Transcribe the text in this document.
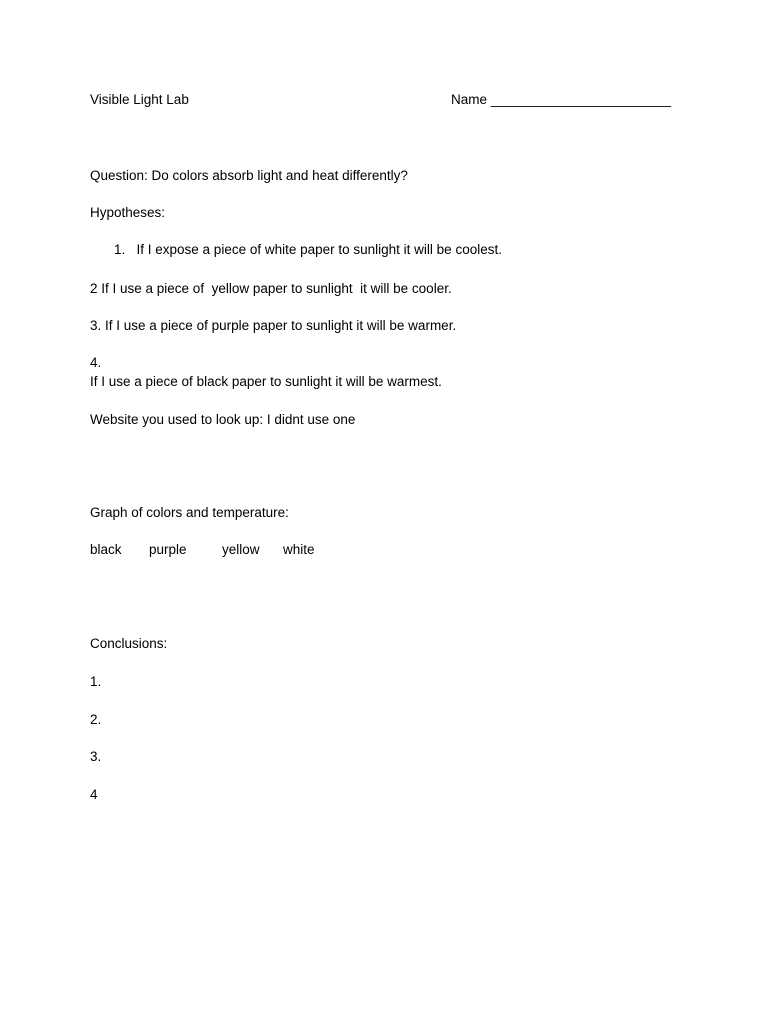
Visible Light Lab	Name ________________________
Question: Do colors absorb light and heat differently?
Hypotheses:
1.   If I expose a piece of white paper to sunlight it will be coolest.
2 If I use a piece of  yellow paper to sunlight  it will be cooler.
3. If I use a piece of purple paper to sunlight it will be warmer.
4.
If I use a piece of black paper to sunlight it will be warmest.
Website you used to look up: I didnt use one
Graph of colors and temperature:
black purple	yellow white
Conclusions:
1.
2.
3.
4
